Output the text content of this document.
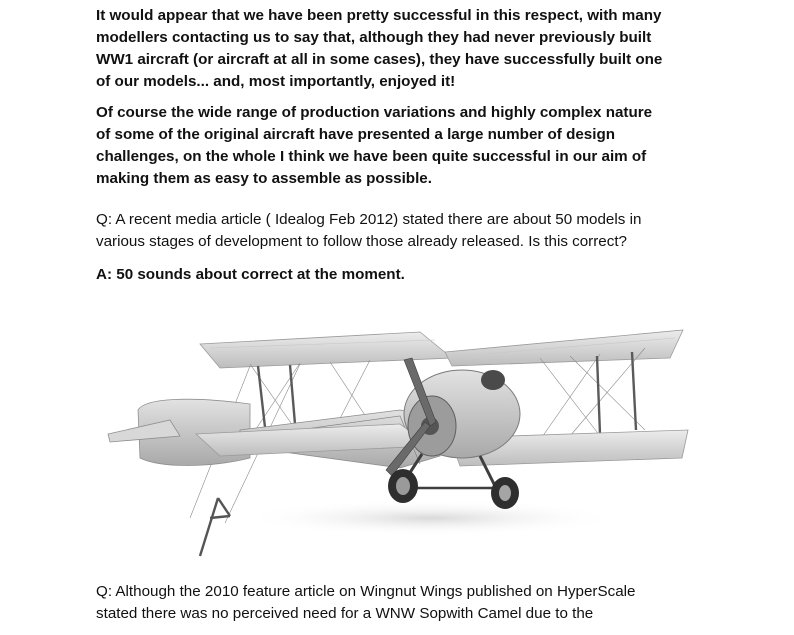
It would appear that we have been pretty successful in this respect, with many
modellers contacting us to say that, although they had never previously built
WW1 aircraft (or aircraft at all in some cases), they have successfully built one
of our models... and, most importantly, enjoyed it!

Of course the wide range of production variations and highly complex nature
of some of the original aircraft have presented a large number of design
challenges, on the whole I think we have been quite successful in our aim of
making them as easy to assemble as possible.

Q: A recent media article ( Idealog Feb 2012) stated there are about 50 models in
various stages of development to follow those already released. Is this correct?

A: 50 sounds about correct at the moment.

Q: Although the 2010 feature article on Wingnut Wings published on HyperScale
stated there was no perceived need for a WNW Sopwith Camel due to the
